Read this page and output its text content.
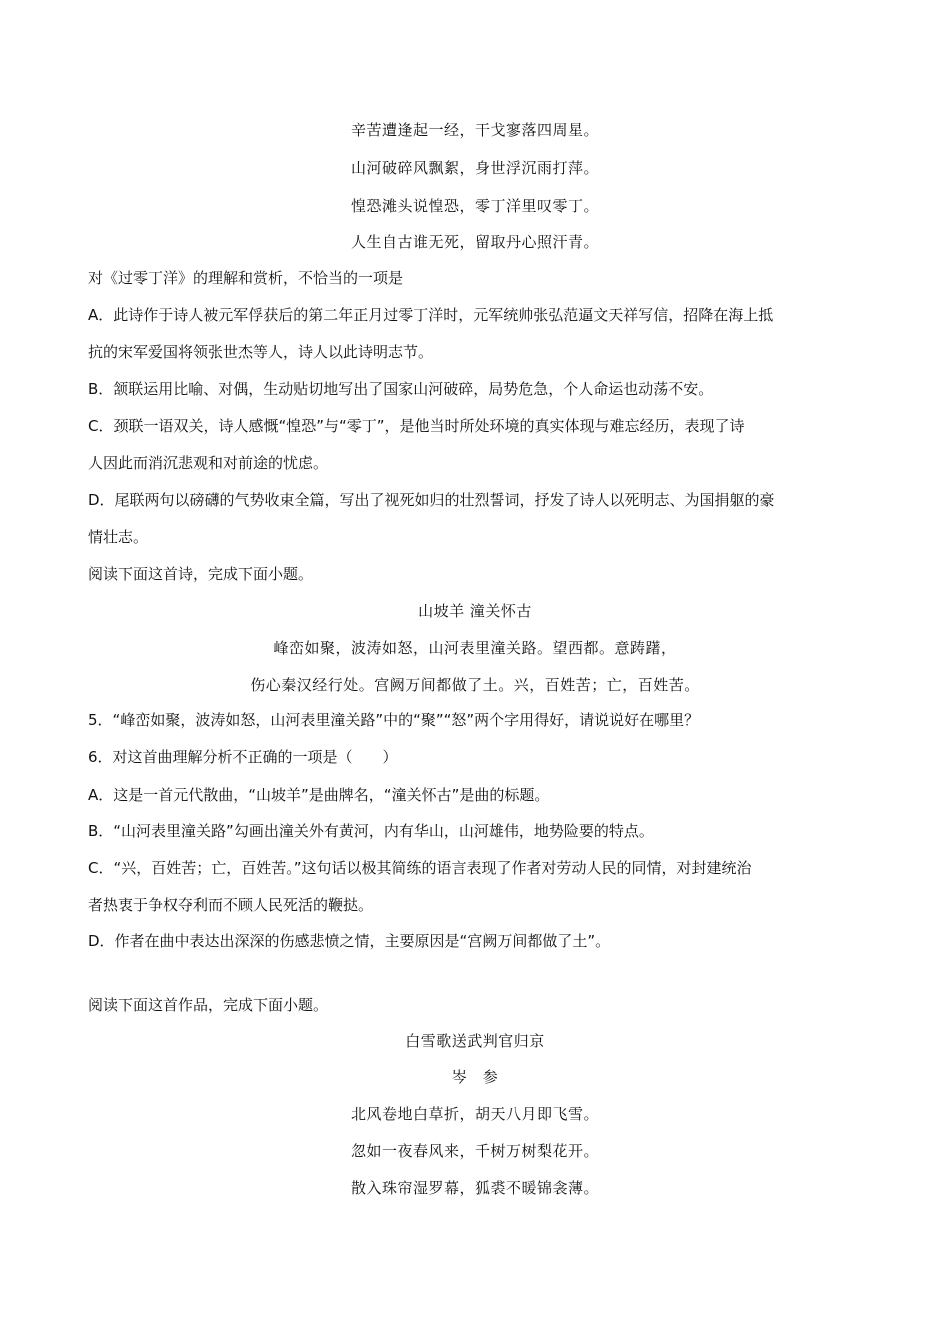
辛苦遭逢起一经，干戈寥落四周星。
山河破碎风飘絮，身世浮沉雨打萍。
惶恐滩头说惶恐，零丁洋里叹零丁。
人生自古谁无死，留取丹心照汗青。
对《过零丁洋》的理解和赏析，不恰当的一项是
A．此诗作于诗人被元军俘获后的第二年正月过零丁洋时，元军统帅张弘范逼文天祥写信，招降在海上抵
抗的宋军爱国将领张世杰等人，诗人以此诗明志节。
B．颔联运用比喻、对偶，生动贴切地写出了国家山河破碎，局势危急，个人命运也动荡不安。
C．颈联一语双关，诗人感慨“惶恐”与“零丁”，是他当时所处环境的真实体现与难忘经历，表现了诗
人因此而消沉悲观和对前途的忧虑。
D．尾联两句以磅礴的气势收束全篇，写出了视死如归的壮烈誓词，抒发了诗人以死明志、为国捐躯的豪
情壮志。
阅读下面这首诗，完成下面小题。
山坡羊 潼关怀古
峰峦如聚，波涛如怒，山河表里潼关路。望西都。意踌躇，
伤心秦汉经行处。宫阙万间都做了土。兴，百姓苦；亡，百姓苦。
5．“峰峦如聚，波涛如怒，山河表里潼关路”中的“聚”“怒”两个字用得好，请说说好在哪里？
6．对这首曲理解分析不正确的一项是（　　）
A．这是一首元代散曲，“山坡羊”是曲牌名，“潼关怀古”是曲的标题。
B．“山河表里潼关路”勾画出潼关外有黄河，内有华山，山河雄伟，地势险要的特点。
C．“兴，百姓苦；亡，百姓苦。”这句话以极其简练的语言表现了作者对劳动人民的同情，对封建统治
者热衷于争权夺利而不顾人民死活的鞭挞。
D．作者在曲中表达出深深的伤感悲愤之情，主要原因是“宫阙万间都做了土”。
阅读下面这首作品，完成下面小题。
白雪歌送武判官归京
岑　参
北风卷地白草折，胡天八月即飞雪。
忽如一夜春风来，千树万树梨花开。
散入珠帘湿罗幕，狐裘不暖锦衾薄。
